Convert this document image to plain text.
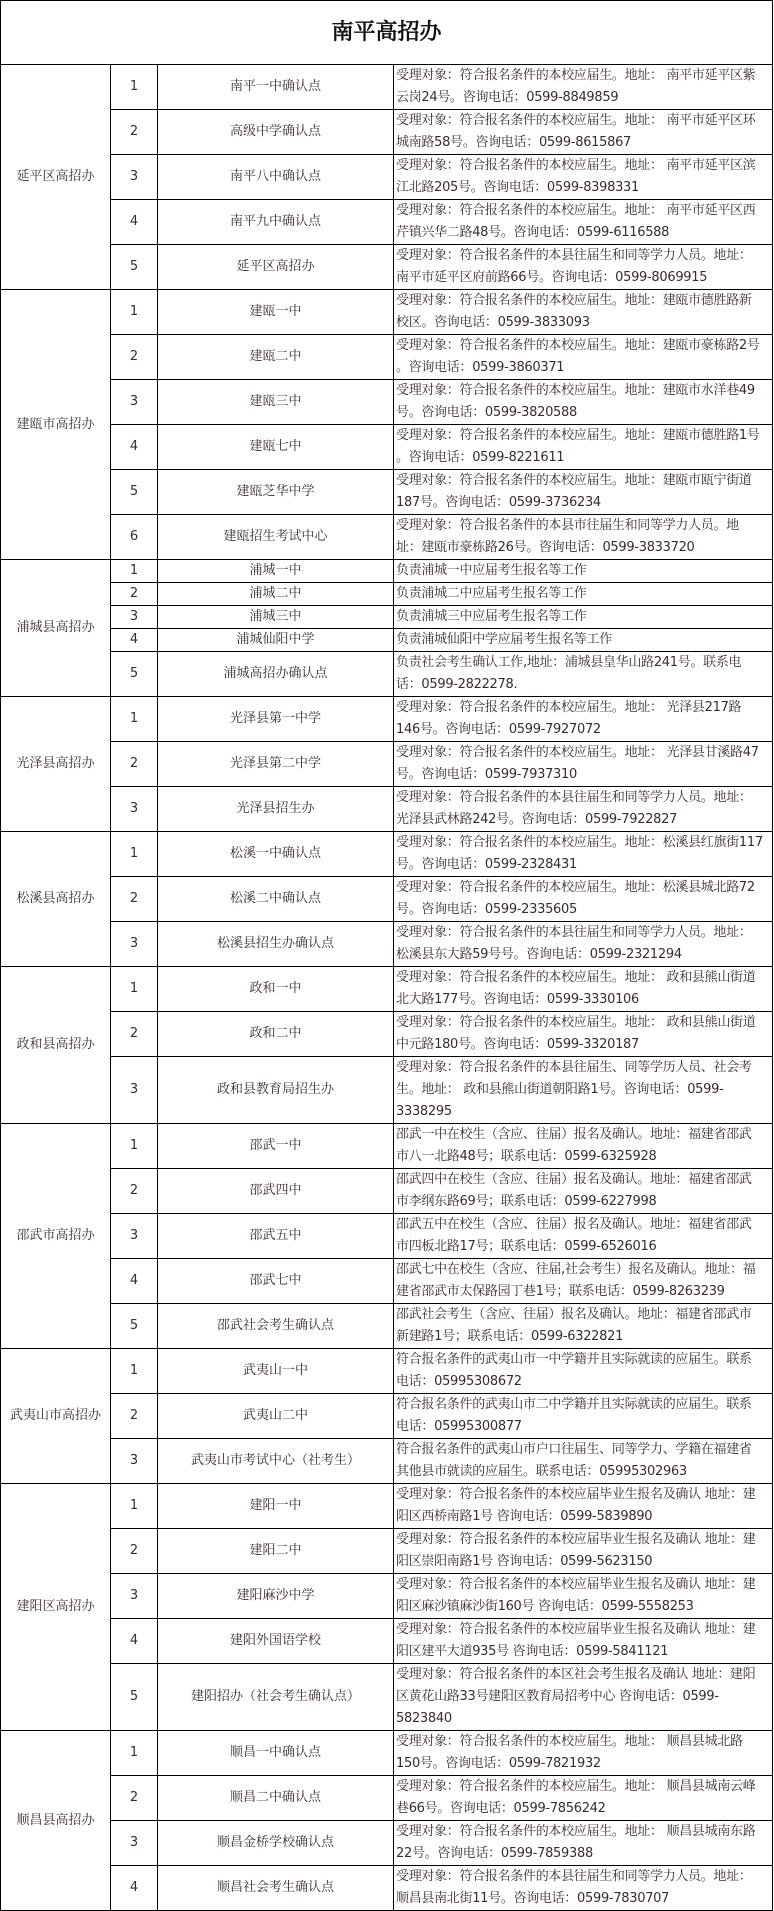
南平高招办			
延平区高招办	1	南平一中确认点	受理对象：符合报名条件的本校应届生。地址： 南平市延平区紫
云岗24号。咨询电话：0599-8849859

	2	高级中学确认点	受理对象：符合报名条件的本校应届生。地址： 南平市延平区环
城南路58号。咨询电话：0599-8615867

	3	南平八中确认点	受理对象：符合报名条件的本校应届生。地址： 南平市延平区滨
江北路205号。咨询电话：0599-8398331

	4	南平九中确认点	受理对象：符合报名条件的本校应届生。地址： 南平市延平区西
芹镇兴华二路48号。咨询电话：0599-6116588

	5	延平区高招办	受理对象：符合报名条件的本县往届生和同等学力人员。地址：
南平市延平区府前路66号。咨询电话：0599-8069915

建瓯市高招办	1	建瓯一中	受理对象：符合报名条件的本校应届生。地址：建瓯市德胜路新
校区。咨询电话：0599-3833093

	2	建瓯二中	受理对象：符合报名条件的本校应届生。地址：建瓯市豪栋路2号
。咨询电话：0599-3860371

	3	建瓯三中	受理对象：符合报名条件的本校应届生。地址：建瓯市水洋巷49
号。咨询电话：0599-3820588

	4	建瓯七中	受理对象：符合报名条件的本校应届生。地址：建瓯市德胜路1号
。咨询电话：0599-8221611

	5	建瓯芝华中学	受理对象：符合报名条件的本校应届生。地址：建瓯市瓯宁街道
187号。咨询电话：0599-3736234

	6	建瓯招生考试中心	受理对象：符合报名条件的本县市往届生和同等学力人员。地
址：建瓯市豪栋路26号。咨询电话：0599-3833720

浦城县高招办	1	浦城一中	负责浦城一中应届考生报名等工作

	2	浦城二中	负责浦城二中应届考生报名等工作

	3	浦城三中	负责浦城三中应届考生报名等工作

	4	浦城仙阳中学	负责浦城仙阳中学应届考生报名等工作

	5	浦城高招办确认点	负责社会考生确认工作,地址：浦城县皇华山路241号。联系电
话：0599-2822278.

光泽县高招办	1	光泽县第一中学	受理对象：符合报名条件的本校应届生。地址： 光泽县217路
146号。咨询电话：0599-7927072

	2	光泽县第二中学	受理对象：符合报名条件的本校应届生。地址： 光泽县甘溪路47
号。咨询电话：0599-7937310

	3	光泽县招生办	受理对象：符合报名条件的本县往届生和同等学力人员。地址：
光泽县武林路242号。咨询电话：0599-7922827

松溪县高招办	1	松溪一中确认点	受理对象：符合报名条件的本校应届生。地址：松溪县红旗街117
号。咨询电话：0599-2328431

	2	松溪二中确认点	受理对象：符合报名条件的本校应届生。地址：松溪县城北路72
号。咨询电话：0599-2335605

	3	松溪县招生办确认点	受理对象：符合报名条件的本县往届生和同等学力人员。地址：
松溪县东大路59号号。咨询电话：0599-2321294

政和县高招办	1	政和一中	受理对象：符合报名条件的本校应届生。地址： 政和县熊山街道
北大路177号。咨询电话：0599-3330106

	2	政和二中	受理对象：符合报名条件的本校应届生。地址： 政和县熊山街道
中元路180号。咨询电话：0599-3320187

	3	政和县教育局招生办	受理对象：符合报名条件的本县往届生、同等学历人员、社会考
生。地址： 政和县熊山街道朝阳路1号。咨询电话：0599-
3338295

邵武市高招办	1	邵武一中	邵武一中在校生（含应、往届）报名及确认。地址：福建省邵武
市八一北路48号；联系电话：0599-6325928

	2	邵武四中	邵武四中在校生（含应、往届）报名及确认。地址：福建省邵武
市李纲东路69号；联系电话：0599-6227998

	3	邵武五中	邵武五中在校生（含应、往届）报名及确认。地址：福建省邵武
市四板北路17号；联系电话：0599-6526016

	4	邵武七中	邵武七中在校生（含应、往届,社会考生）报名及确认。地址：福
建省邵武市太保路园丁巷1号；联系电话：0599-8263239

	5	邵武社会考生确认点	邵武社会考生（含应、往届）报名及确认。地址：福建省邵武市
新建路1号；联系电话：0599-6322821

武夷山市高招办	1	武夷山一中	符合报名条件的武夷山市一中学籍并且实际就读的应届生。联系
电话：05995308672

	2	武夷山二中	符合报名条件的武夷山市二中学籍并且实际就读的应届生。联系
电话：05995300877

	3	武夷山市考试中心（社考生）	符合报名条件的武夷山市户口往届生、同等学力、学籍在福建省
其他县市就读的应届生。联系电话：05995302963

建阳区高招办	1	建阳一中	受理对象：符合报名条件的本校应届毕业生报名及确认 地址：建
阳区西桥南路1号 咨询电话：0599-5839890

	2	建阳二中	受理对象：符合报名条件的本校应届毕业生报名及确认 地址：建
阳区崇阳南路1号 咨询电话：0599-5623150

	3	建阳麻沙中学	受理对象：符合报名条件的本校应届毕业生报名及确认 地址：建
阳区麻沙镇麻沙街160号 咨询电话：0599-5558253

	4	建阳外国语学校	受理对象：符合报名条件的本校应届毕业生报名及确认 地址：建
阳区建平大道935号 咨询电话：0599-5841121

	5	建阳招办（社会考生确认点）	受理对象：符合报名条件的本区社会考生报名及确认 地址：建阳
区黄花山路33号建阳区教育局招考中心 咨询电话：0599-
5823840

顺昌县高招办	1	顺昌一中确认点	受理对象：符合报名条件的本校应届生。地址： 顺昌县城北路
150号。咨询电话：0599-7821932

	2	顺昌二中确认点	受理对象：符合报名条件的本校应届生。地址： 顺昌县城南云峰
巷66号。咨询电话：0599-7856242

	3	顺昌金桥学校确认点	受理对象：符合报名条件的本校应届生。地址： 顺昌县城南东路
22号。咨询电话：0599-7859388

	4	顺昌社会考生确认点	受理对象：符合报名条件的本县往届生和同等学力人员。地址：
顺昌县南北街11号。咨询电话：0599-7830707
